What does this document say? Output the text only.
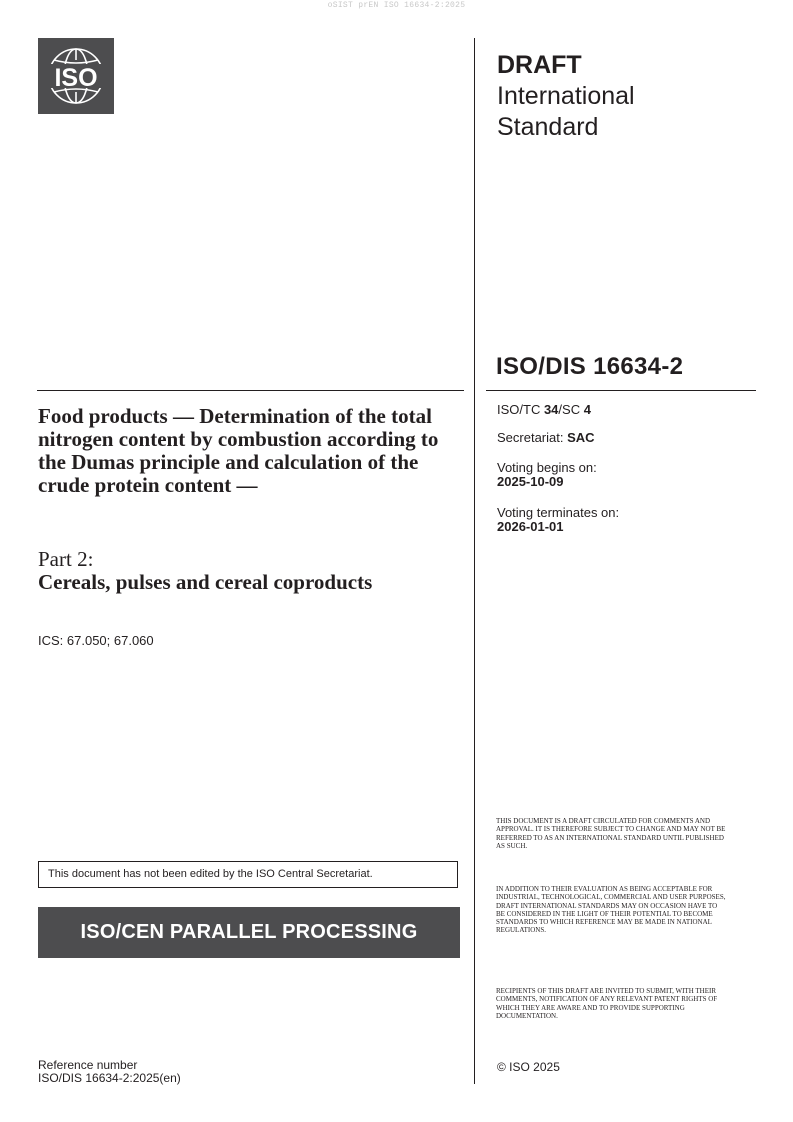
oSIST prEN ISO 16634-2:2025
ISO	DRAFT
International
Standard
ISO/DIS 16634-2
ISO/TC 34/SC 4
Secretariat: SAC
Voting begins on:
2025-10-09
Voting terminates on:
2026-01-01
Food products — Determination of the total nitrogen content by combustion according to the Dumas principle and calculation of the crude protein content —
Part 2:
Cereals, pulses and cereal coproducts
ICS: 67.050; 67.060
This document has not been edited by the ISO Central Secretariat.
ISO/CEN PARALLEL PROCESSING
THIS DOCUMENT IS A DRAFT CIRCULATED FOR COMMENTS AND APPROVAL. IT IS THEREFORE SUBJECT TO CHANGE AND MAY NOT BE REFERRED TO AS AN INTERNATIONAL STANDARD UNTIL PUBLISHED AS SUCH.
IN ADDITION TO THEIR EVALUATION AS BEING ACCEPTABLE FOR INDUSTRIAL, TECHNOLOGICAL, COMMERCIAL AND USER PURPOSES, DRAFT INTERNATIONAL STANDARDS MAY ON OCCASION HAVE TO BE CONSIDERED IN THE LIGHT OF THEIR POTENTIAL TO BECOME STANDARDS TO WHICH REFERENCE MAY BE MADE IN NATIONAL REGULATIONS.
RECIPIENTS OF THIS DRAFT ARE INVITED TO SUBMIT, WITH THEIR COMMENTS, NOTIFICATION OF ANY RELEVANT PATENT RIGHTS OF WHICH THEY ARE AWARE AND TO PROVIDE SUPPORTING DOCUMENTATION.
© ISO 2025
Reference number
ISO/DIS 16634-2:2025(en)
